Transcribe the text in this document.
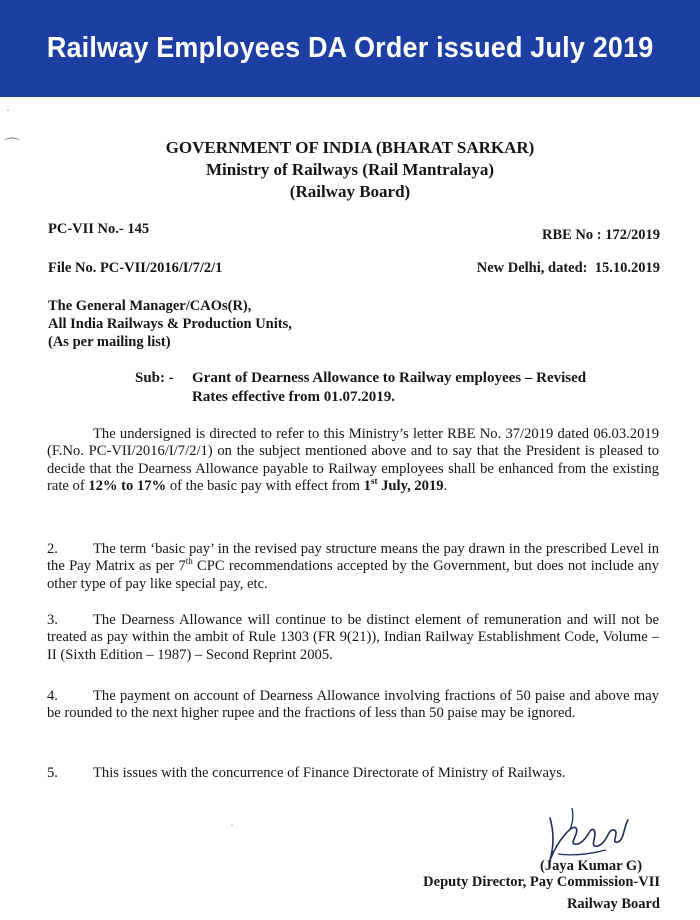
Railway Employees DA Order issued July 2019
·
⌒	GOVERNMENT OF INDIA (BHARAT SARKAR)
Ministry of Railways (Rail Mantralaya)
(Railway Board)
PC-VII No.- 145	RBE No : 172/2019
File No. PC-VII/2016/I/7/2/1	New Delhi, dated: 15.10.2019
The General Manager/CAOs(R),
All India Railways & Production Units,
(As per mailing list)
Sub: - Grant of Dearness Allowance to Railway employees – Revised
Rates effective from 01.07.2019.
The undersigned is directed to refer to this Ministry’s letter RBE No. 37/2019 dated 06.03.2019 (F.No. PC-VII/2016/I/7/2/1) on the subject mentioned above and to say that the President is pleased to decide that the Dearness Allowance payable to Railway employees shall be enhanced from the existing rate of 12% to 17% of the basic pay with effect from 1st July, 2019.
2. The term ‘basic pay’ in the revised pay structure means the pay drawn in the prescribed Level in the Pay Matrix as per 7th CPC recommendations accepted by the Government, but does not include any other type of pay like special pay, etc.
3. The Dearness Allowance will continue to be distinct element of remuneration and will not be treated as pay within the ambit of Rule 1303 (FR 9(21)), Indian Railway Establishment Code, Volume –II (Sixth Edition – 1987) – Second Reprint 2005.
4. The payment on account of Dearness Allowance involving fractions of 50 paise and above may be rounded to the next higher rupee and the fractions of less than 50 paise may be ignored.
5. This issues with the concurrence of Finance Directorate of Ministry of Railways.
·
(Jaya Kumar G)
Deputy Director, Pay Commission-VII
Railway Board
